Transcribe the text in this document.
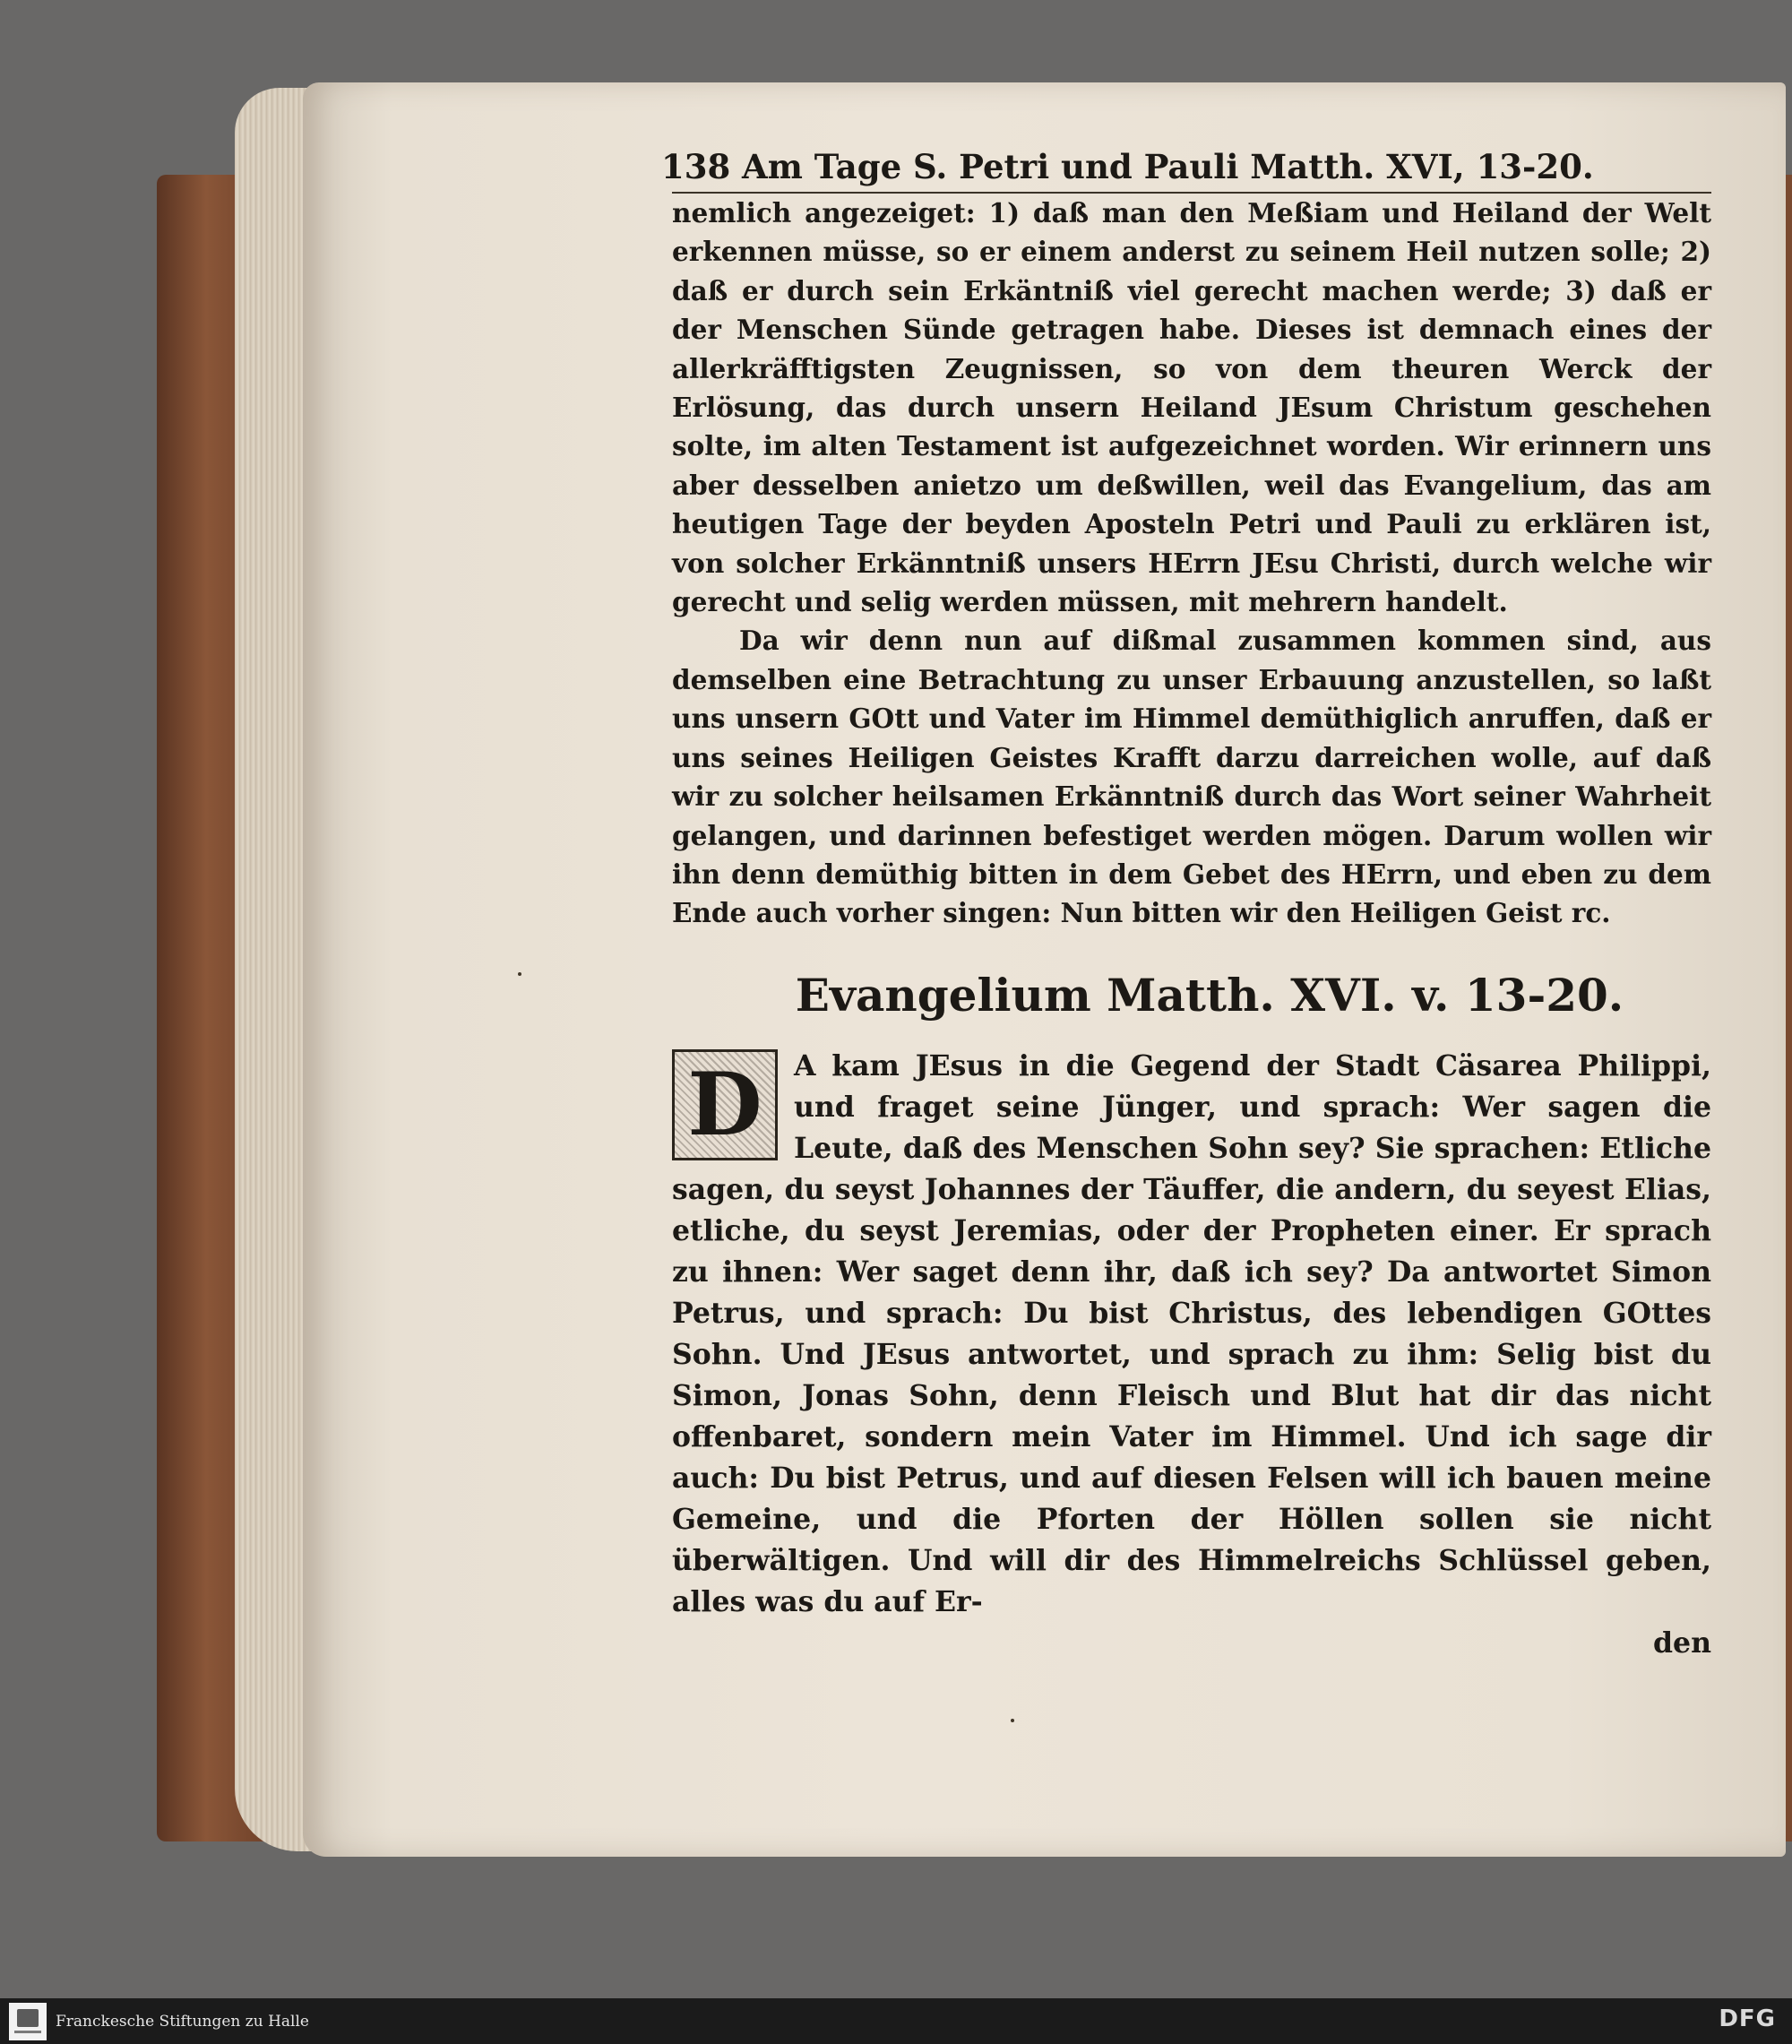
138 Am Tage S. Petri und Pauli Matth. XVI, 13-20.

nemlich angezeiget: 1) daß man den Meßiam und Heiland der Welt erkennen müsse, so er einem anderst zu seinem Heil nutzen solle; 2) daß er durch sein Erkäntniß viel gerecht machen werde; 3) daß er der Menschen Sünde getragen habe. Dieses ist demnach eines der allerkräfftigsten Zeugnissen, so von dem theuren Werck der Erlösung, das durch unsern Heiland JEsum Christum geschehen solte, im alten Testament ist aufgezeichnet worden. Wir erinnern uns aber desselben anietzo um deßwillen, weil das Evangelium, das am heutigen Tage der beyden Aposteln Petri und Pauli zu erklären ist, von solcher Erkänntniß unsers HErrn JEsu Christi, durch welche wir gerecht und selig werden müssen, mit mehrern handelt.

Da wir denn nun auf dißmal zusammen kommen sind, aus demselben eine Betrachtung zu unser Erbauung anzustellen, so laßt uns unsern GOtt und Vater im Himmel demüthiglich anruffen, daß er uns seines Heiligen Geistes Krafft darzu darreichen wolle, auf daß wir zu solcher heilsamen Erkänntniß durch das Wort seiner Wahrheit gelangen, und darinnen befestiget werden mögen. Darum wollen wir ihn denn demüthig bitten in dem Gebet des HErrn, und eben zu dem Ende auch vorher singen: Nun bitten wir den Heiligen Geist rc.

Evangelium Matth. XVI. v. 13-20.

D	A kam JEsus in die Gegend der Stadt Cäsarea Philippi, und fraget seine Jünger, und sprach: Wer sagen die Leute, daß des Menschen Sohn sey? Sie sprachen: Etliche sagen, du seyst Johannes der Täuffer, die andern, du seyest Elias, etliche, du seyst Jeremias, oder der Propheten einer. Er sprach zu ihnen: Wer saget denn ihr, daß ich sey? Da antwortet Simon Petrus, und sprach: Du bist Christus, des lebendigen GOttes Sohn. Und JEsus antwortet, und sprach zu ihm: Selig bist du Simon, Jonas Sohn, denn Fleisch und Blut hat dir das nicht offenbaret, sondern mein Vater im Himmel. Und ich sage dir auch: Du bist Petrus, und auf diesen Felsen will ich bauen meine Gemeine, und die Pforten der Höllen sollen sie nicht überwältigen. Und will dir des Himmelreichs Schlüssel geben, alles was du auf Er-

den

Franckesche Stiftungen zu Halle	DFG
